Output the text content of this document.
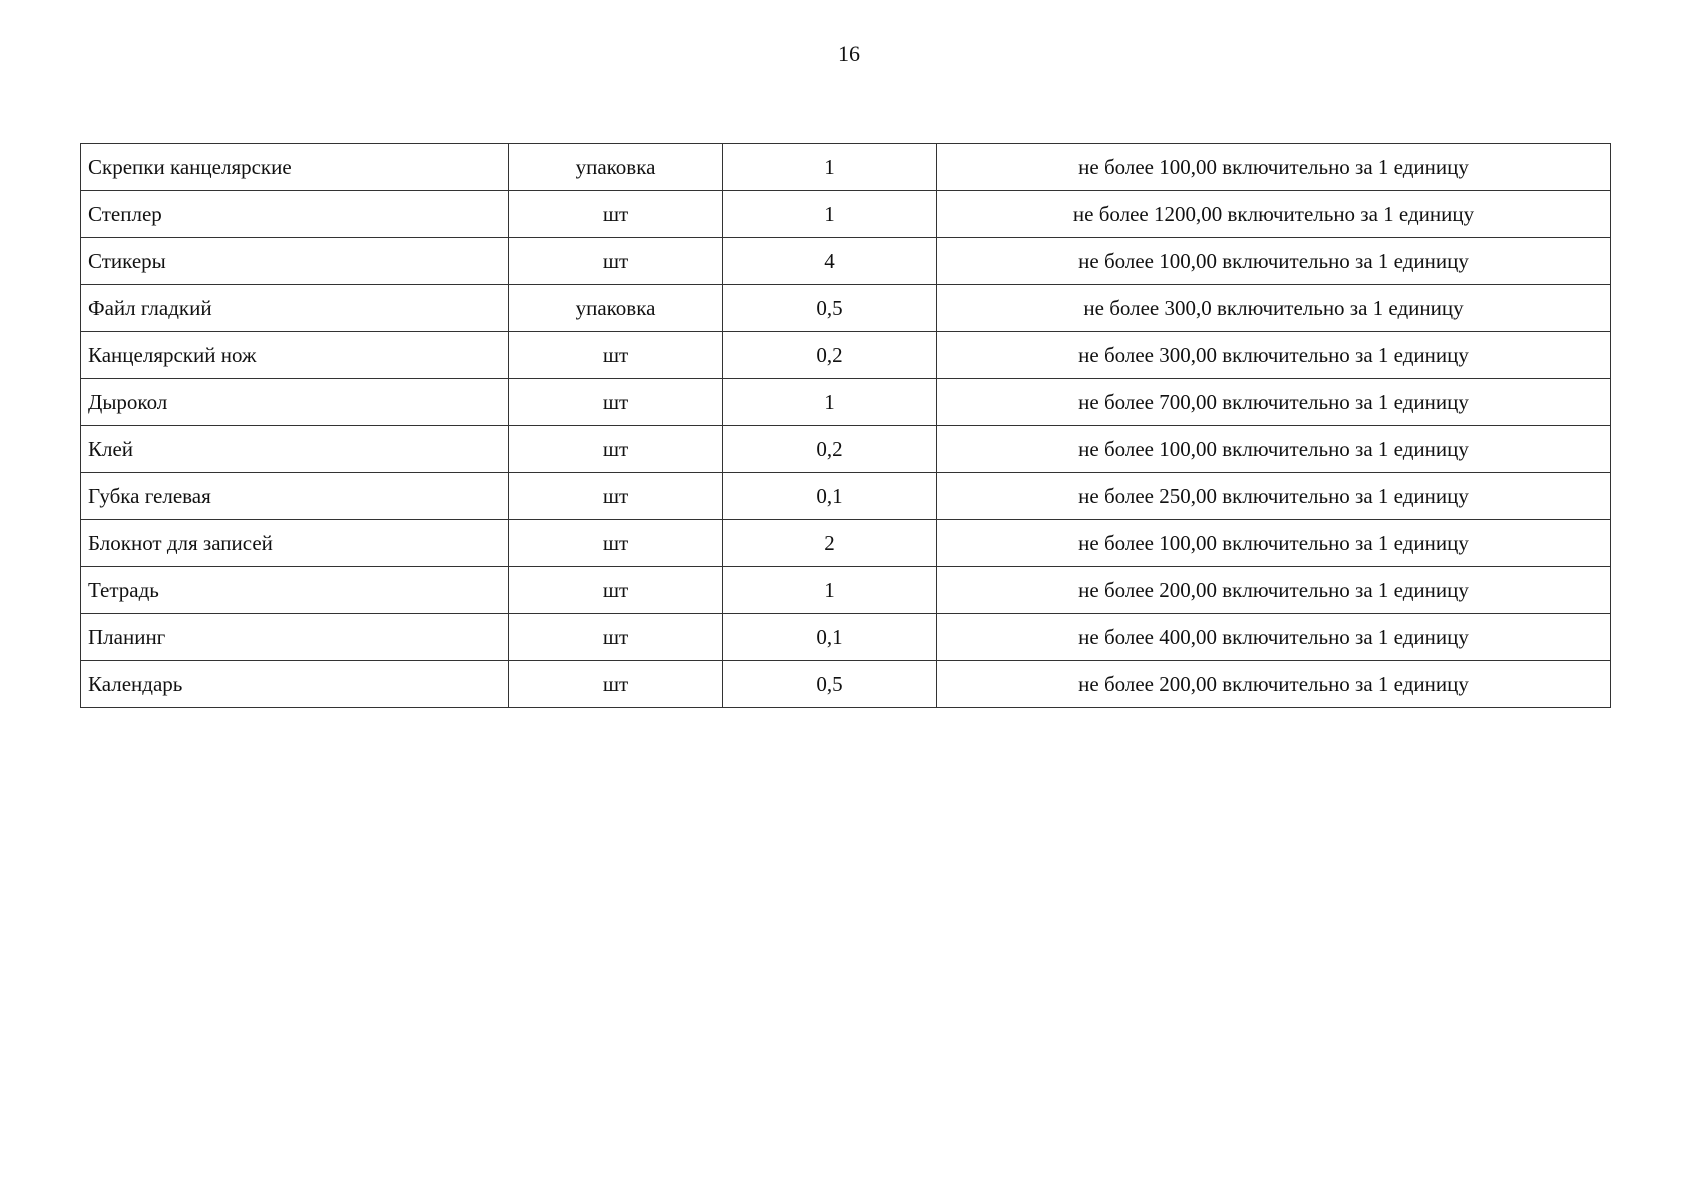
16
Скрепки канцелярские	упаковка	1	не более 100,00 включительно за 1 единицу
Степлер	шт	1	не более 1200,00 включительно за 1 единицу
Стикеры	шт	4	не более 100,00 включительно за 1 единицу
Файл гладкий	упаковка	0,5	не более 300,0 включительно за 1 единицу
Канцелярский нож	шт	0,2	не более 300,00 включительно за 1 единицу
Дырокол	шт	1	не более 700,00 включительно за 1 единицу
Клей	шт	0,2	не более 100,00 включительно за 1 единицу
Губка гелевая	шт	0,1	не более 250,00 включительно за 1 единицу
Блокнот для записей	шт	2	не более 100,00 включительно за 1 единицу
Тетрадь	шт	1	не более 200,00 включительно за 1 единицу
Планинг	шт	0,1	не более 400,00 включительно за 1 единицу
Календарь	шт	0,5	не более 200,00 включительно за 1 единицу
